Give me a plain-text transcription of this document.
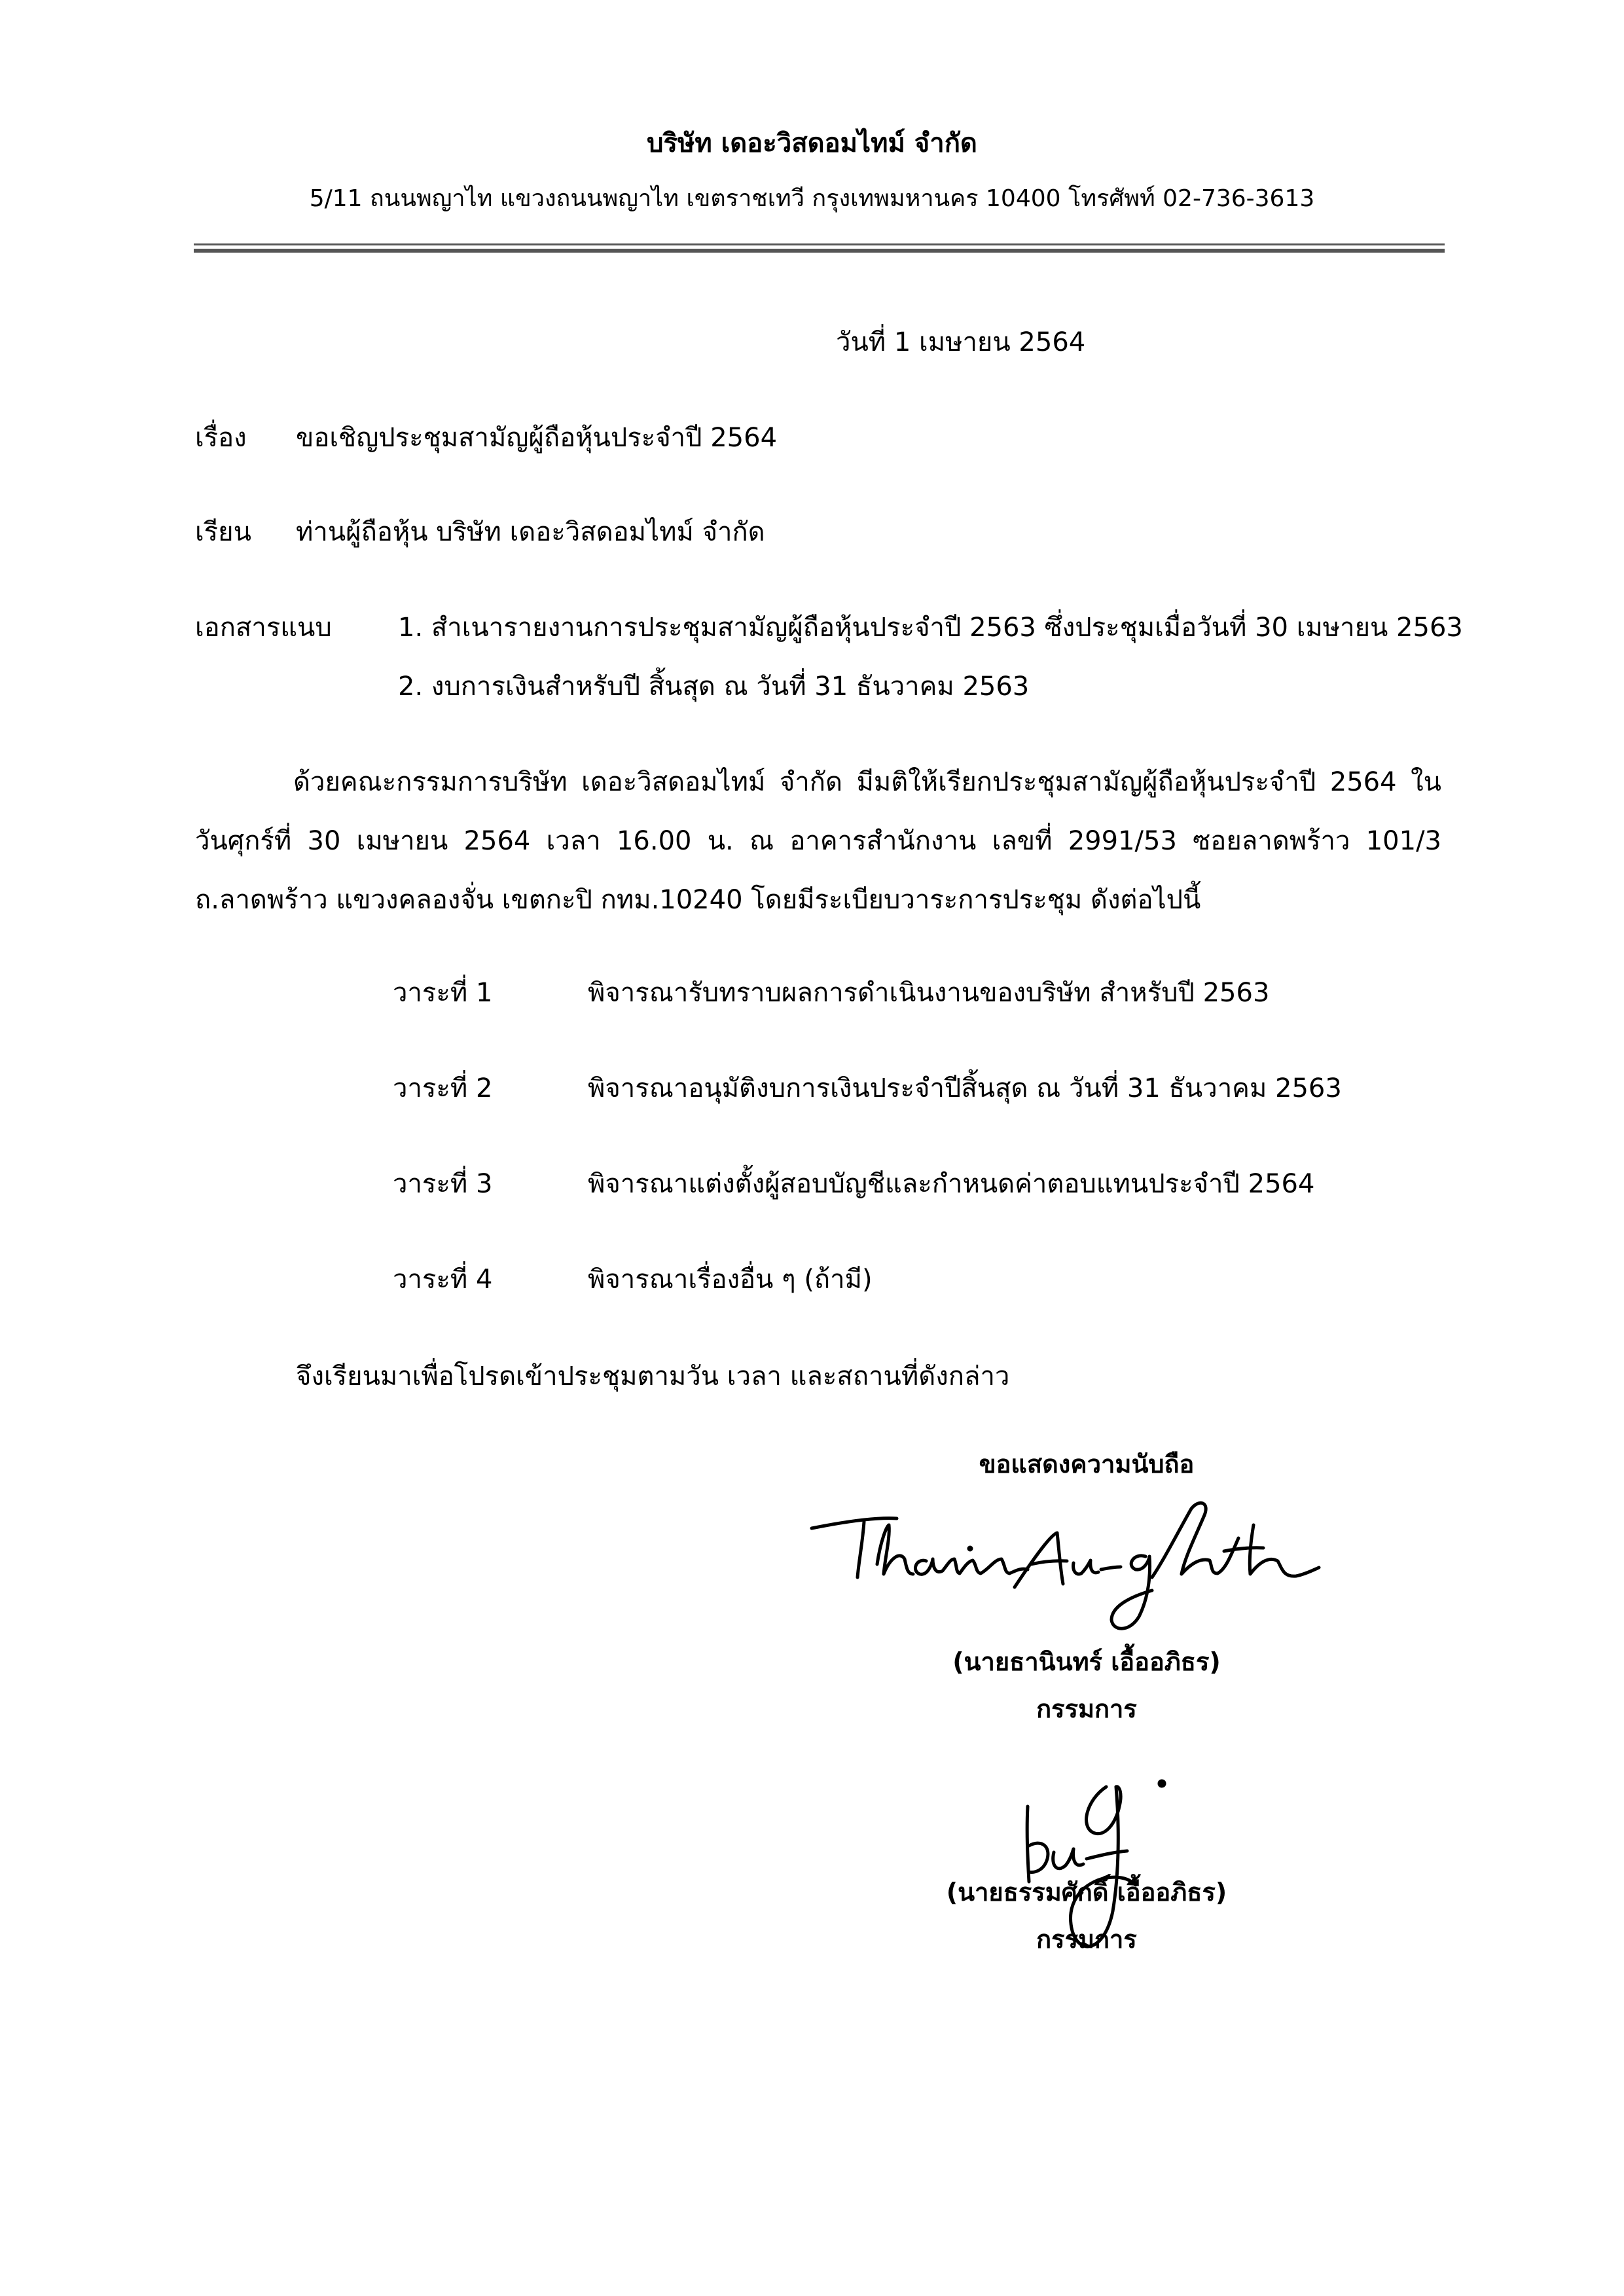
บริษัท เดอะวิสดอมไทม์ จำกัด
5/11 ถนนพญาไท แขวงถนนพญาไท เขตราชเทวี กรุงเทพมหานคร 10400 โทรศัพท์ 02-736-3613
วันที่ 1 เมษายน 2564
เรื่อง ขอเชิญประชุมสามัญผู้ถือหุ้นประจำปี 2564
เรียน ท่านผู้ถือหุ้น บริษัท เดอะวิสดอมไทม์ จำกัด
เอกสารแนบ	1. สำเนารายงานการประชุมสามัญผู้ถือหุ้นประจำปี 2563 ซึ่งประชุมเมื่อวันที่ 30 เมษายน 2563
2. งบการเงินสำหรับปี สิ้นสุด ณ วันที่ 31 ธันวาคม 2563
ด้วยคณะกรรมการบริษัท เดอะวิสดอมไทม์ จำกัด มีมติให้เรียกประชุมสามัญผู้ถือหุ้นประจำปี 2564 ในวันศุกร์ที่ 30 เมษายน 2564 เวลา 16.00 น. ณ อาคารสำนักงาน เลขที่ 2991/53 ซอยลาดพร้าว 101/3 ถ.ลาดพร้าว แขวงคลองจั่น เขตกะปิ กทม.10240 โดยมีระเบียบวาระการประชุม ดังต่อไปนี้
วาระที่ 1	พิจารณารับทราบผลการดำเนินงานของบริษัท สำหรับปี 2563
วาระที่ 2	พิจารณาอนุมัติงบการเงินประจำปีสิ้นสุด ณ วันที่ 31 ธันวาคม 2563
วาระที่ 3	พิจารณาแต่งตั้งผู้สอบบัญชีและกำหนดค่าตอบแทนประจำปี 2564
วาระที่ 4	พิจารณาเรื่องอื่น ๆ (ถ้ามี)
จึงเรียนมาเพื่อโปรดเข้าประชุมตามวัน เวลา และสถานที่ดังกล่าว
ขอแสดงความนับถือ
(นายธานินทร์ เอื้ออภิธร)
กรรมการ
(นายธรรมศักดิ์ เอื้ออภิธร)
กรรมการ
